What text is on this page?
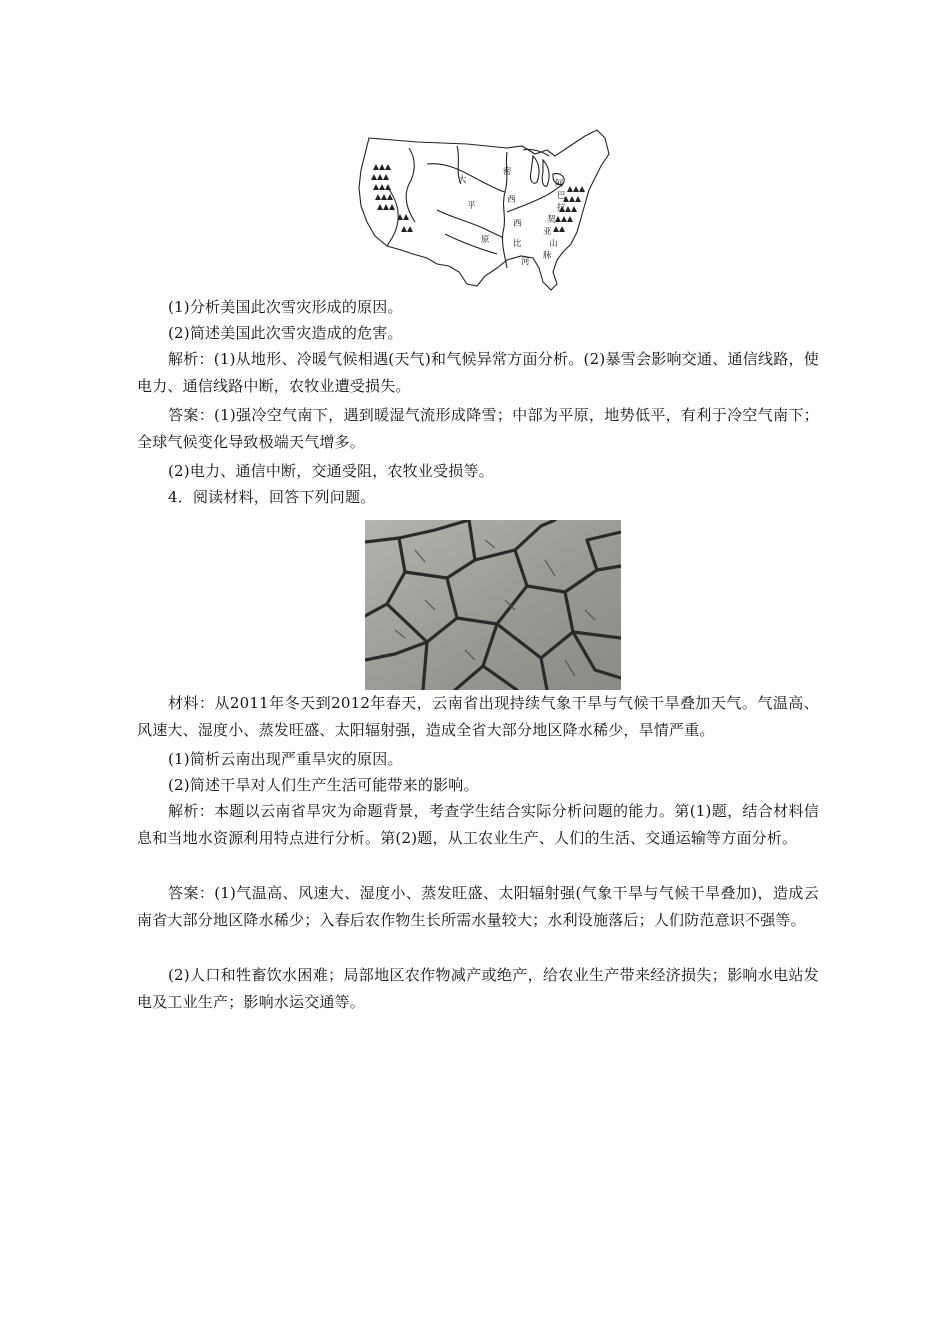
大
平
原
密
西
西
比
河
阿
巴
拉
契
亚
山
脉

(1)分析美国此次雪灾形成的原因。

(2)简述美国此次雪灾造成的危害。

解析：(1)从地形、冷暖气候相遇(天气)和气候异常方面分析。(2)暴雪会影响交通、通信线路，使电力、通信线路中断，农牧业遭受损失。

答案：(1)强冷空气南下，遇到暖湿气流形成降雪；中部为平原，地势低平，有利于冷空气南下；全球气候变化导致极端天气增多。

(2)电力、通信中断，交通受阻，农牧业受损等。

4．阅读材料，回答下列问题。

材料：从2011年冬天到2012年春天，云南省出现持续气象干旱与气候干旱叠加天气。气温高、风速大、湿度小、蒸发旺盛、太阳辐射强，造成全省大部分地区降水稀少，旱情严重。

(1)简析云南出现严重旱灾的原因。

(2)简述干旱对人们生产生活可能带来的影响。

解析：本题以云南省旱灾为命题背景，考查学生结合实际分析问题的能力。第(1)题，结合材料信息和当地水资源利用特点进行分析。第(2)题，从工农业生产、人们的生活、交通运输等方面分析。

答案：(1)气温高、风速大、湿度小、蒸发旺盛、太阳辐射强(气象干旱与气候干旱叠加)，造成云南省大部分地区降水稀少；入春后农作物生长所需水量较大；水利设施落后；人们防范意识不强等。

(2)人口和牲畜饮水困难；局部地区农作物减产或绝产，给农业生产带来经济损失；影响水电站发电及工业生产；影响水运交通等。
